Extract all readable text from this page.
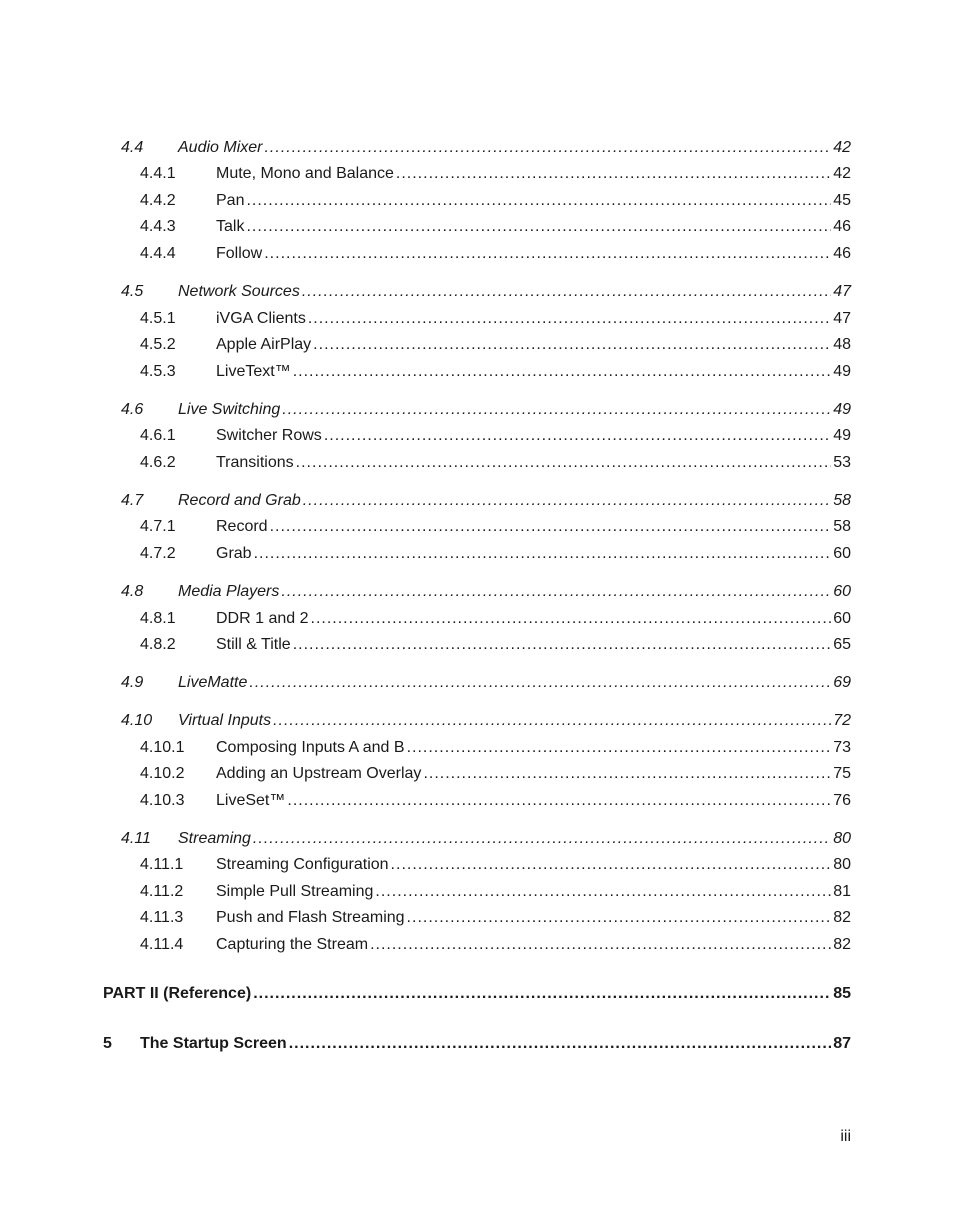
4.4 Audio Mixer .....	42
4.4.1	Mute, Mono and Balance .....	42
4.4.2	Pan .....	45
4.4.3	Talk .....	46
4.4.4	Follow .....	46
4.5 Network Sources .....	47
4.5.1	iVGA Clients .....	47
4.5.2	Apple AirPlay .....	48
4.5.3	LiveText™ .....	49
4.6 Live Switching .....	49
4.6.1	Switcher Rows .....	49
4.6.2	Transitions .....	53
4.7 Record and Grab .....	58
4.7.1	Record .....	58
4.7.2	Grab .....	60
4.8 Media Players .....	60
4.8.1	DDR 1 and 2 .....	60
4.8.2	Still & Title .....	65
4.9 LiveMatte .....	69
4.10 Virtual Inputs .....	72
4.10.1 Composing Inputs A and B .....	73
4.10.2 Adding an Upstream Overlay .....	75
4.10.3 LiveSet™ .....	76
4.11 Streaming .....	80
4.11.1 Streaming Configuration .....	80
4.11.2 Simple Pull Streaming .....	81
4.11.3 Push and Flash Streaming .....	82
4.11.4 Capturing the Stream .....	82
PART II (Reference) .....	85
5 The Startup Screen .....	87
iii
